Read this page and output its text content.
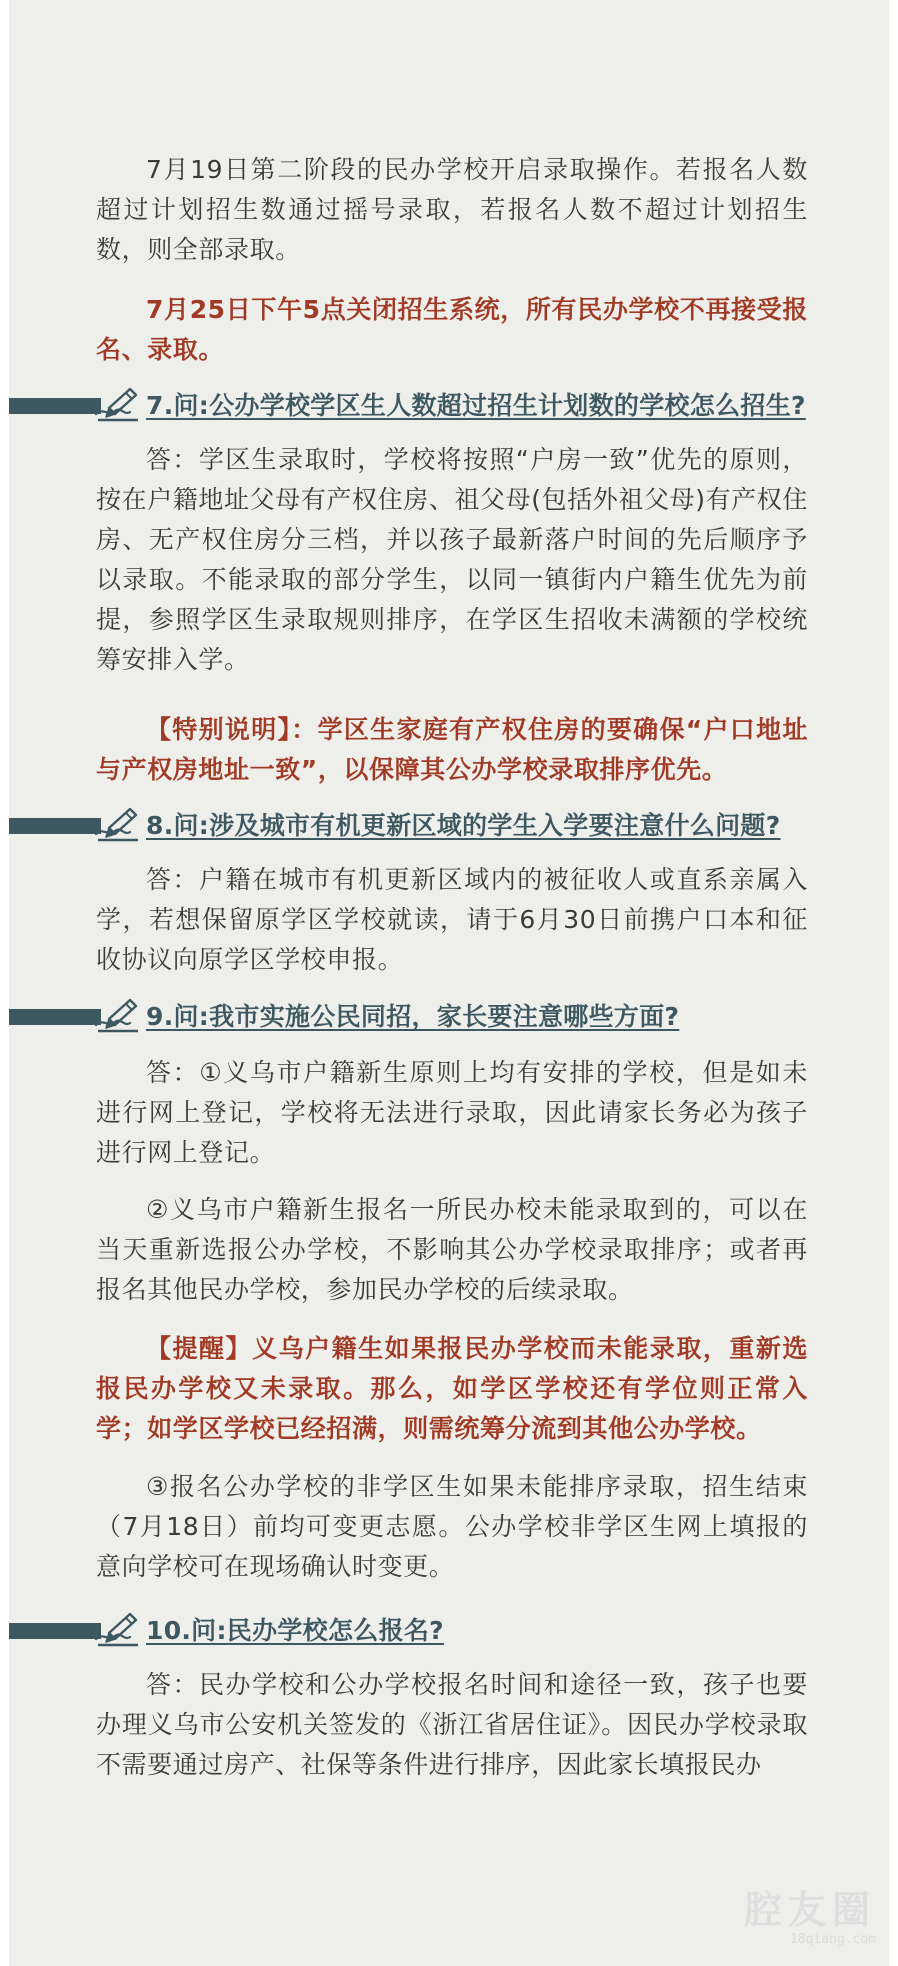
7月19日第二阶段的民办学校开启录取操作。若报名人数超过计划招生数通过摇号录取，若报名人数不超过计划招生数，则全部录取。

7月25日下午5点关闭招生系统，所有民办学校不再接受报名、录取。

7.问:公办学校学区生人数超过招生计划数的学校怎么招生?

答：学区生录取时，学校将按照“户房一致”优先的原则，按在户籍地址父母有产权住房、祖父母(包括外祖父母)有产权住房、无产权住房分三档，并以孩子最新落户时间的先后顺序予以录取。不能录取的部分学生，以同一镇街内户籍生优先为前提，参照学区生录取规则排序，在学区生招收未满额的学校统筹安排入学。

【特别说明】：学区生家庭有产权住房的要确保“户口地址与产权房地址一致”，以保障其公办学校录取排序优先。

8.问:涉及城市有机更新区域的学生入学要注意什么问题?

答：户籍在城市有机更新区域内的被征收人或直系亲属入学，若想保留原学区学校就读，请于6月30日前携户口本和征收协议向原学区学校申报。

9.问:我市实施公民同招，家长要注意哪些方面?

答：①义乌市户籍新生原则上均有安排的学校，但是如未进行网上登记，学校将无法进行录取，因此请家长务必为孩子进行网上登记。

②义乌市户籍新生报名一所民办校未能录取到的，可以在当天重新选报公办学校，不影响其公办学校录取排序；或者再报名其他民办学校，参加民办学校的后续录取。

【提醒】义乌户籍生如果报民办学校而未能录取，重新选报民办学校又未录取。那么，如学区学校还有学位则正常入学；如学区学校已经招满，则需统筹分流到其他公办学校。

③报名公办学校的非学区生如果未能排序录取，招生结束（7月18日）前均可变更志愿。公办学校非学区生网上填报的意向学校可在现场确认时变更。

10.问:民办学校怎么报名?

答：民办学校和公办学校报名时间和途径一致，孩子也要办理义乌市公安机关签发的《浙江省居住证》。因民办学校录取不需要通过房产、社保等条件进行排序，因此家长填报民办

腔友圈
18qiang.com
